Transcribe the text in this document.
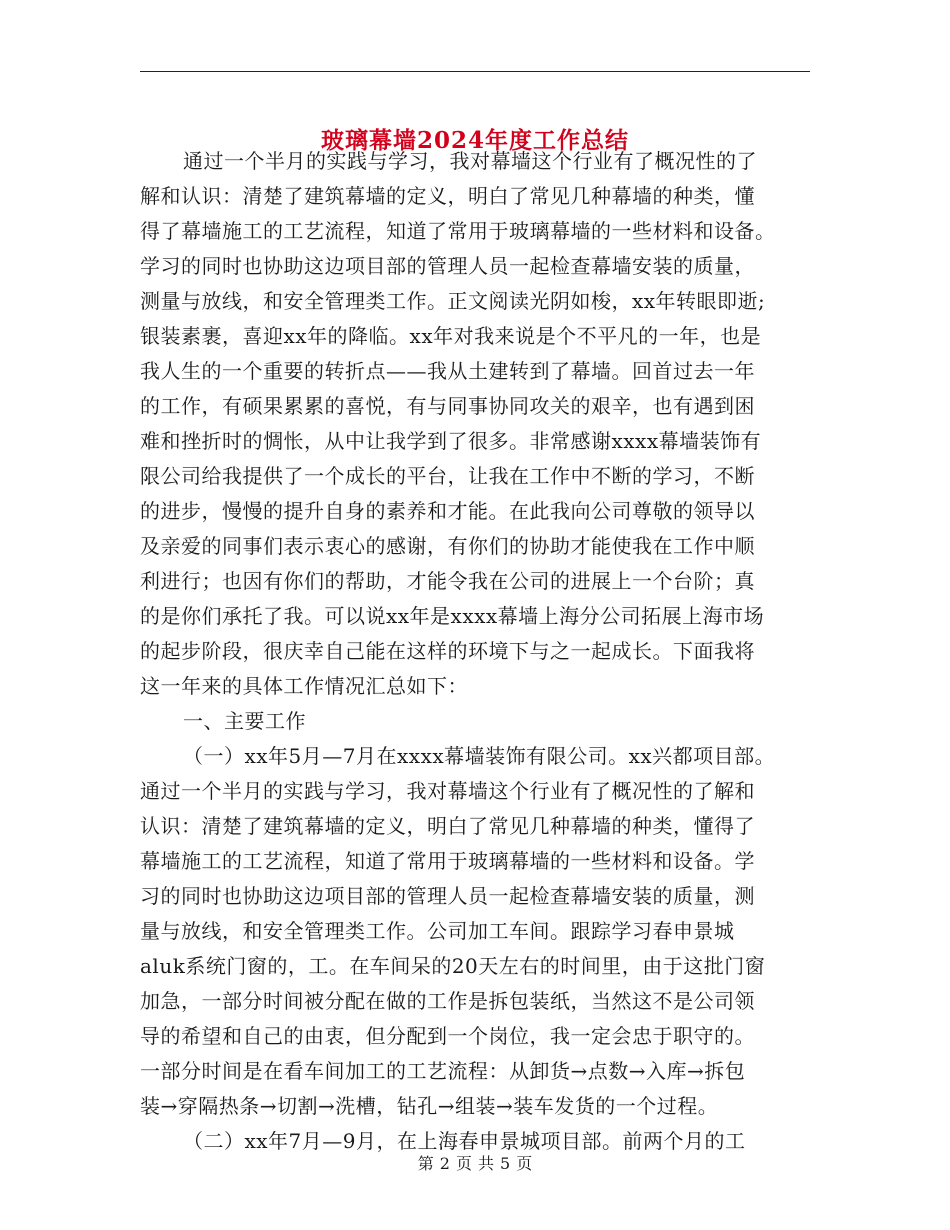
玻璃幕墙2024年度工作总结
通过一个半月的实践与学习，我对幕墙这个行业有了概况性的了
解和认识：清楚了建筑幕墙的定义，明白了常见几种幕墙的种类，懂
得了幕墙施工的工艺流程，知道了常用于玻璃幕墙的一些材料和设备。
学习的同时也协助这边项目部的管理人员一起检查幕墙安装的质量，
测量与放线，和安全管理类工作。正文阅读光阴如梭，xx年转眼即逝;
银装素裹，喜迎xx年的降临。xx年对我来说是个不平凡的一年，也是
我人生的一个重要的转折点——我从土建转到了幕墙。回首过去一年
的工作，有硕果累累的喜悦，有与同事协同攻关的艰辛，也有遇到困
难和挫折时的惆怅，从中让我学到了很多。非常感谢xxxx幕墙装饰有
限公司给我提供了一个成长的平台，让我在工作中不断的学习，不断
的进步，慢慢的提升自身的素养和才能。在此我向公司尊敬的领导以
及亲爱的同事们表示衷心的感谢，有你们的协助才能使我在工作中顺
利进行；也因有你们的帮助，才能令我在公司的进展上一个台阶；真
的是你们承托了我。可以说xx年是xxxx幕墙上海分公司拓展上海市场
的起步阶段，很庆幸自己能在这样的环境下与之一起成长。下面我将
这一年来的具体工作情况汇总如下：
一、主要工作
（一）xx年5月—7月在xxxx幕墙装饰有限公司。xx兴都项目部。
通过一个半月的实践与学习，我对幕墙这个行业有了概况性的了解和
认识：清楚了建筑幕墙的定义，明白了常见几种幕墙的种类，懂得了
幕墙施工的工艺流程，知道了常用于玻璃幕墙的一些材料和设备。学
习的同时也协助这边项目部的管理人员一起检查幕墙安装的质量，测
量与放线，和安全管理类工作。公司加工车间。跟踪学习春申景城
aluk系统门窗的，工。在车间呆的20天左右的时间里，由于这批门窗
加急，一部分时间被分配在做的工作是拆包装纸，当然这不是公司领
导的希望和自己的由衷，但分配到一个岗位，我一定会忠于职守的。
一部分时间是在看车间加工的工艺流程：从卸货→点数→入库→拆包
装→穿隔热条→切割→洗槽，钻孔→组装→装车发货的一个过程。
（二）xx年7月—9月，在上海春申景城项目部。前两个月的工
第 2 页 共 5 页
